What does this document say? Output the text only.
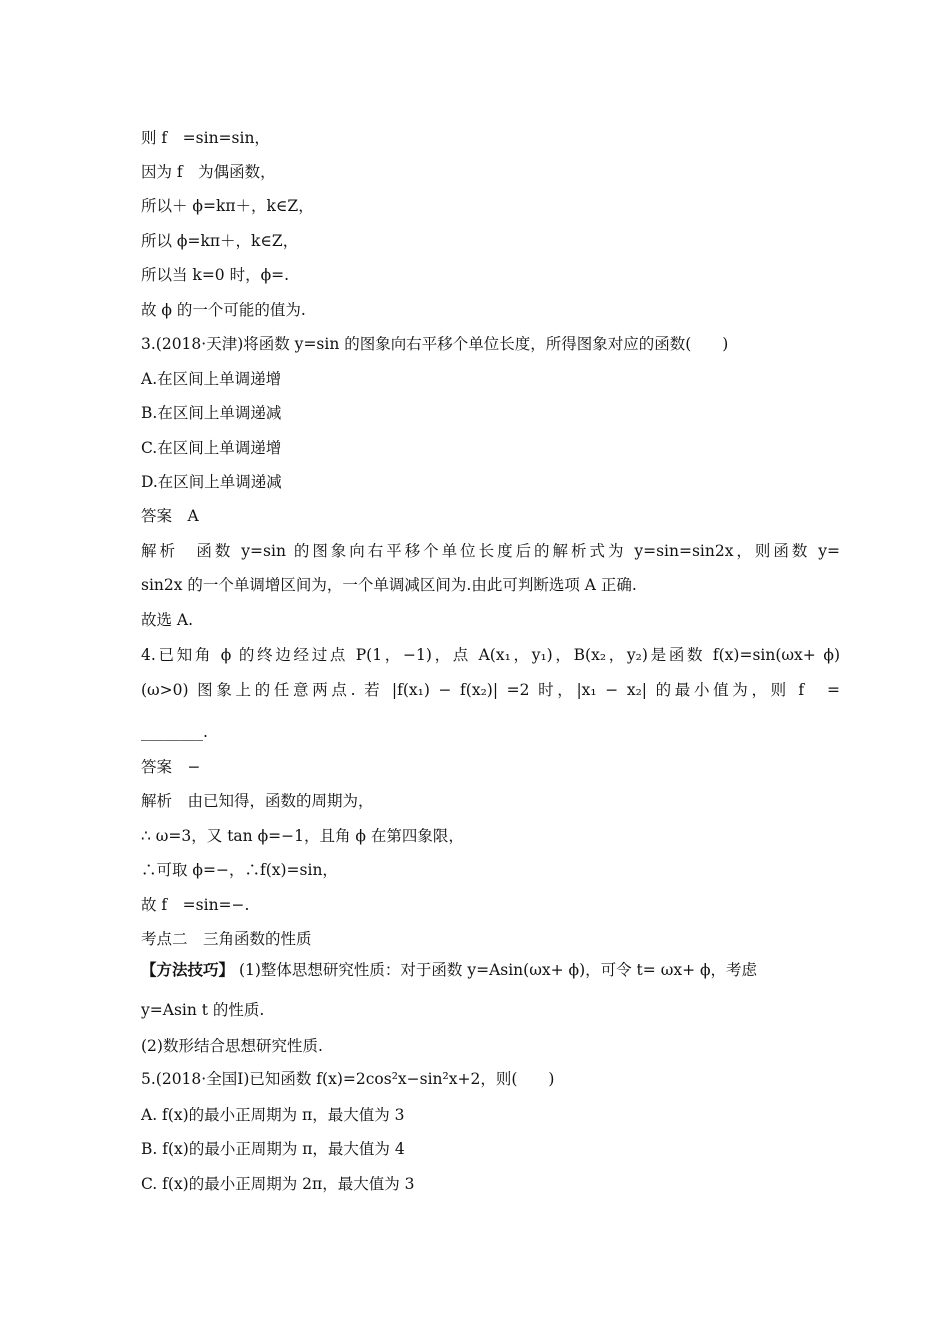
则 f　=sin=sin，
因为 f　为偶函数，
所以＋ ϕ=kπ＋，k∈Z，
所以 ϕ=kπ＋，k∈Z，
所以当 k=0 时，ϕ=.
故 ϕ 的一个可能的值为.
3.(2018·天津)将函数 y=sin 的图象向右平移个单位长度，所得图象对应的函数(　　)
A.在区间上单调递增
B.在区间上单调递减
C.在区间上单调递增
D.在区间上单调递减
答案　A
解析　函数 y=sin 的图象向右平移个单位长度后的解析式为 y=sin=sin2x，则函数 y=
sin2x 的一个单调增区间为，一个单调减区间为.由此可判断选项 A 正确.
故选 A.
4.已知角 ϕ 的终边经过点 P(1，−1)，点 A(x₁，y₁)，B(x₂，y₂)是函数 f(x)=sin(ωx+ ϕ)
(ω>0) 图象上的任意两点. 若 |f(x₁) − f(x₂)| =2 时，|x₁ − x₂| 的最小值为，则 f　=
________.
答案　−
解析　由已知得，函数的周期为，
∴ ω=3，又 tan ϕ=−1，且角 ϕ 在第四象限，
∴可取 ϕ=−，∴f(x)=sin，
故 f　=sin=−.
考点二　三角函数的性质
【方法技巧】 (1)整体思想研究性质：对于函数 y=Asin(ωx+ ϕ)，可令 t= ωx+ ϕ，考虑
y=Asin t 的性质.
(2)数形结合思想研究性质.
5.(2018·全国Ⅰ)已知函数 f(x)=2cos²x−sin²x+2，则(　　)
A. f(x)的最小正周期为 π，最大值为 3
B. f(x)的最小正周期为 π，最大值为 4
C. f(x)的最小正周期为 2π，最大值为 3
